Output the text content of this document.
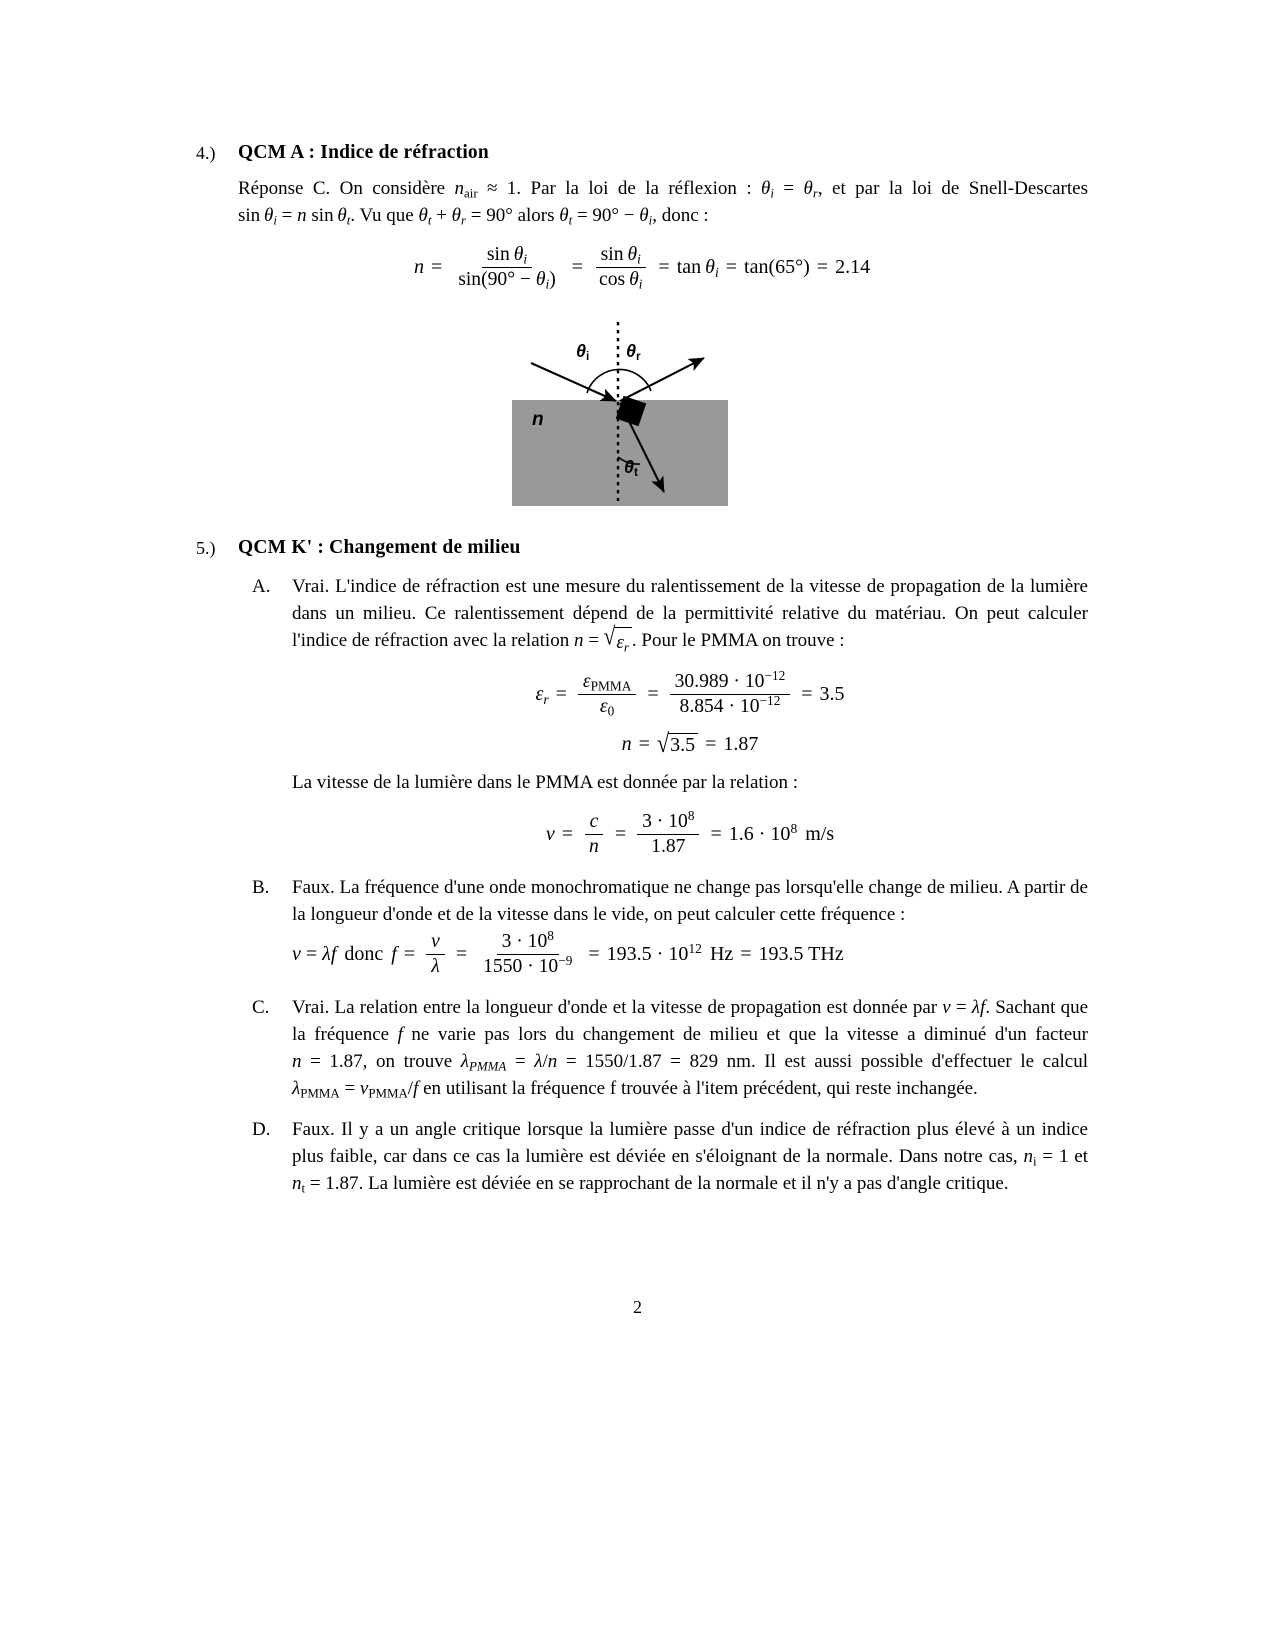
4.) QCM A : Indice de réfraction
Réponse C. On considère $n_{air} \approx 1$. Par la loi de la réflexion : $\theta_i = \theta_r$, et par la loi de Snell-Descartes $\sin \theta_i = n$ $\sin \theta_t$. Vu que $\theta_t + \theta_r = 90^\circ$ alors $\theta_t = 90^\circ - \theta_i$, donc :
$n = \frac{\sin \theta_i}{\sin(90^\circ - \theta_i)} = \frac{\sin \theta_i}{\cos \theta_i} = \tan \theta_i = \tan(65^\circ) = 2.14$
n
$\theta_i$ $\theta_r$
$\theta_t$
5.) QCM K' : Changement de milieu
A. Vrai. L'indice de réfraction est une mesure du ralentissement de la vitesse de propagation de la lumière dans un milieu. Ce ralentissement dépend de la permittivité relative du matériau. On peut calculer l'indice de réfraction avec la relation n = √ $\varepsilon_r$ . Pour le PMMA on trouve :
$\varepsilon_r = \frac{\varepsilon_{PMMA}}{\varepsilon_0} = \frac{30.989 \cdot 10^{-12}}{8.854 \cdot 10^{-12}} = 3.5$
n = √ 3.5 = 1.87
La vitesse de la lumière dans le PMMA est donnée par la relation :
$v = \frac{c}{n} = \frac{3 \cdot 10^8}{1.87} = 1.6 \cdot 10^8$ m/s
B. Faux. La fréquence d'une onde monochromatique ne change pas lorsqu'elle change de milieu. A partir de la longueur d'onde et de la vitesse dans le vide, on peut calculer cette fréquence :
v = λf donc $f = \frac{v}{\lambda} = \frac{3 \cdot 10^8}{1550 \cdot 10^{-9}} = 193.5 \cdot 10^{12}$ Hz = 193.5 THz
C. Vrai. La relation entre la longueur d'onde et la vitesse de propagation est donnée par v = λf. Sachant que la fréquence f ne varie pas lors du changement de milieu et que la vitesse a diminué d'un facteur n = 1.87, on trouve $\lambda_{PMMA} = \lambda/n = 1550/1.87 = 829$ nm. Il est aussi possible d'effectuer le calcul $\lambda_{PMMA} = v_{PMMA}/f$ en utilisant la fréquence f trouvée à l'item précédent, qui reste inchangée.
D. Faux. Il y a un angle critique lorsque la lumière passe d'un indice de réfraction plus élevé à un indice plus faible, car dans ce cas la lumière est déviée en s'éloignant de la normale. Dans notre cas, $n_i = 1$ et $n_t = 1.87$. La lumière est déviée en se rapprochant de la normale et il n'y a pas d'angle critique.
2
